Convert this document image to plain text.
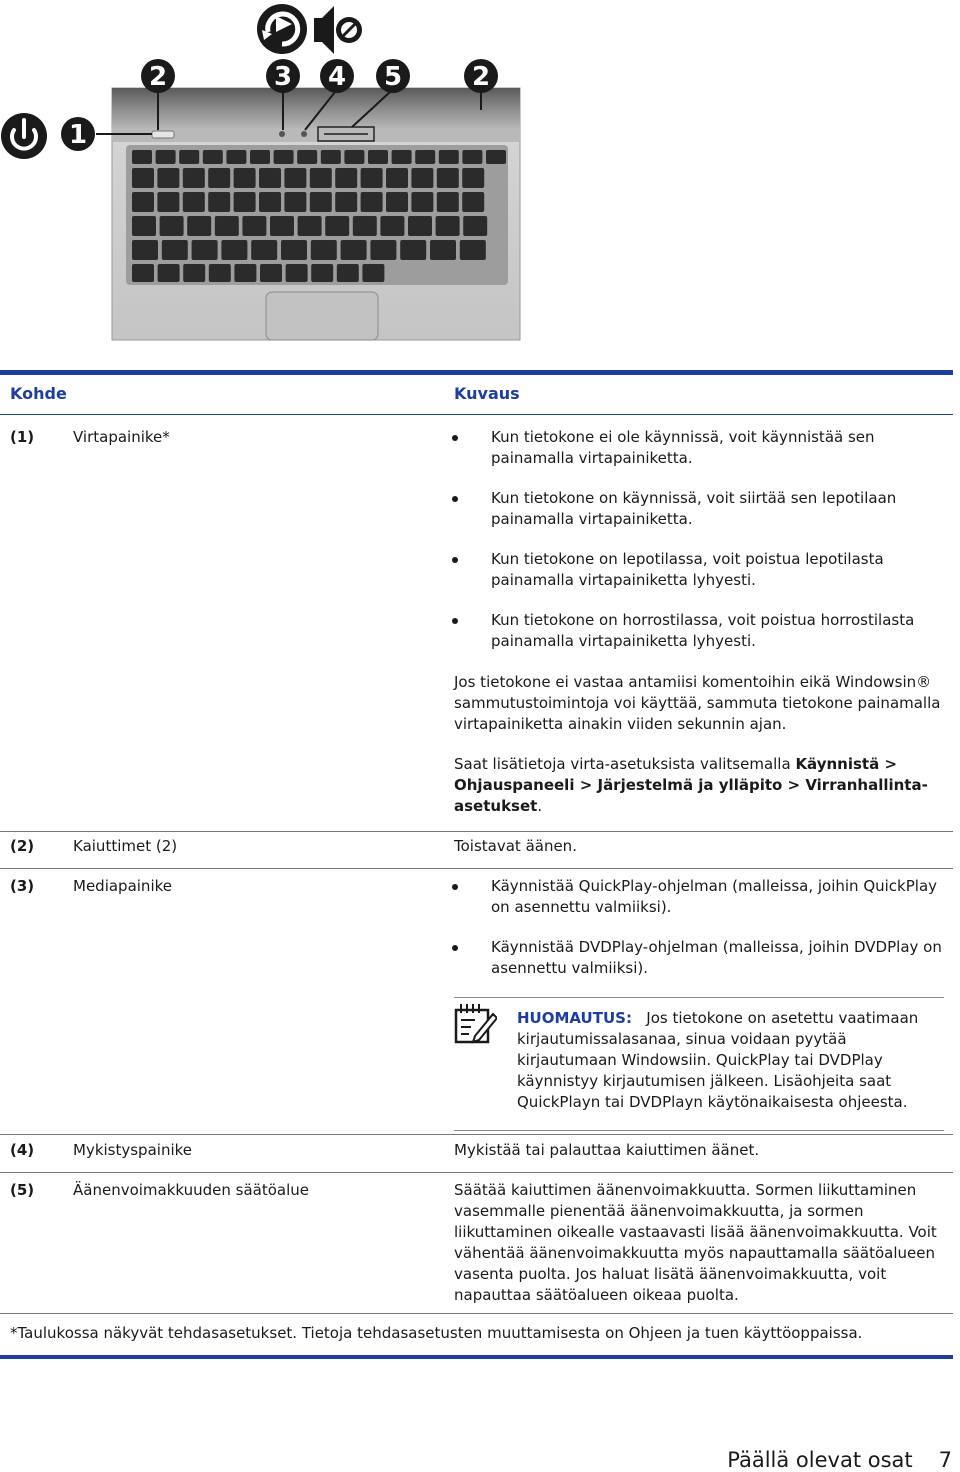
1
2	3 4 5	2
Kohde	Kuvaus
(1)	Virtapainike*	Kun tietokone ei ole käynnissä, voit käynnistää sen painamalla virtapainiketta.
Kun tietokone on käynnissä, voit siirtää sen lepotilaan painamalla virtapainiketta.
Kun tietokone on lepotilassa, voit poistua lepotilasta painamalla virtapainiketta lyhyesti.
Kun tietokone on horrostilassa, voit poistua horrostilasta painamalla virtapainiketta lyhyesti.
Jos tietokone ei vastaa antamiisi komentoihin eikä Windowsin® sammutustoimintoja voi käyttää, sammuta tietokone painamalla virtapainiketta ainakin viiden sekunnin ajan.
Saat lisätietoja virta-asetuksista valitsemalla Käynnistä > Ohjauspaneeli > Järjestelmä ja ylläpito > Virranhallinta-asetukset.
(2)	Kaiuttimet (2)	Toistavat äänen.
(3)	Mediapainike	Käynnistää QuickPlay-ohjelman (malleissa, joihin QuickPlay on asennettu valmiiksi).
Käynnistää DVDPlay-ohjelman (malleissa, joihin DVDPlay on asennettu valmiiksi).
HUOMAUTUS: Jos tietokone on asetettu vaatimaan kirjautumissalasanaa, sinua voidaan pyytää kirjautumaan Windowsiin. QuickPlay tai DVDPlay käynnistyy kirjautumisen jälkeen. Lisäohjeita saat QuickPlayn tai DVDPlayn käytönaikaisesta ohjeesta.
(4)	Mykistyspainike	Mykistää tai palauttaa kaiuttimen äänet.
(5)	Äänenvoimakkuuden säätöalue	Säätää kaiuttimen äänenvoimakkuutta. Sormen liikuttaminen vasemmalle pienentää äänenvoimakkuutta, ja sormen liikuttaminen oikealle vastaavasti lisää äänenvoimakkuutta. Voit vähentää äänenvoimakkuutta myös napauttamalla säätöalueen vasenta puolta. Jos haluat lisätä äänenvoimakkuutta, voit napauttaa säätöalueen oikeaa puolta.
*Taulukossa näkyvät tehdasasetukset. Tietoja tehdasasetusten muuttamisesta on Ohjeen ja tuen käyttöoppaissa.
Päällä olevat osat 7
